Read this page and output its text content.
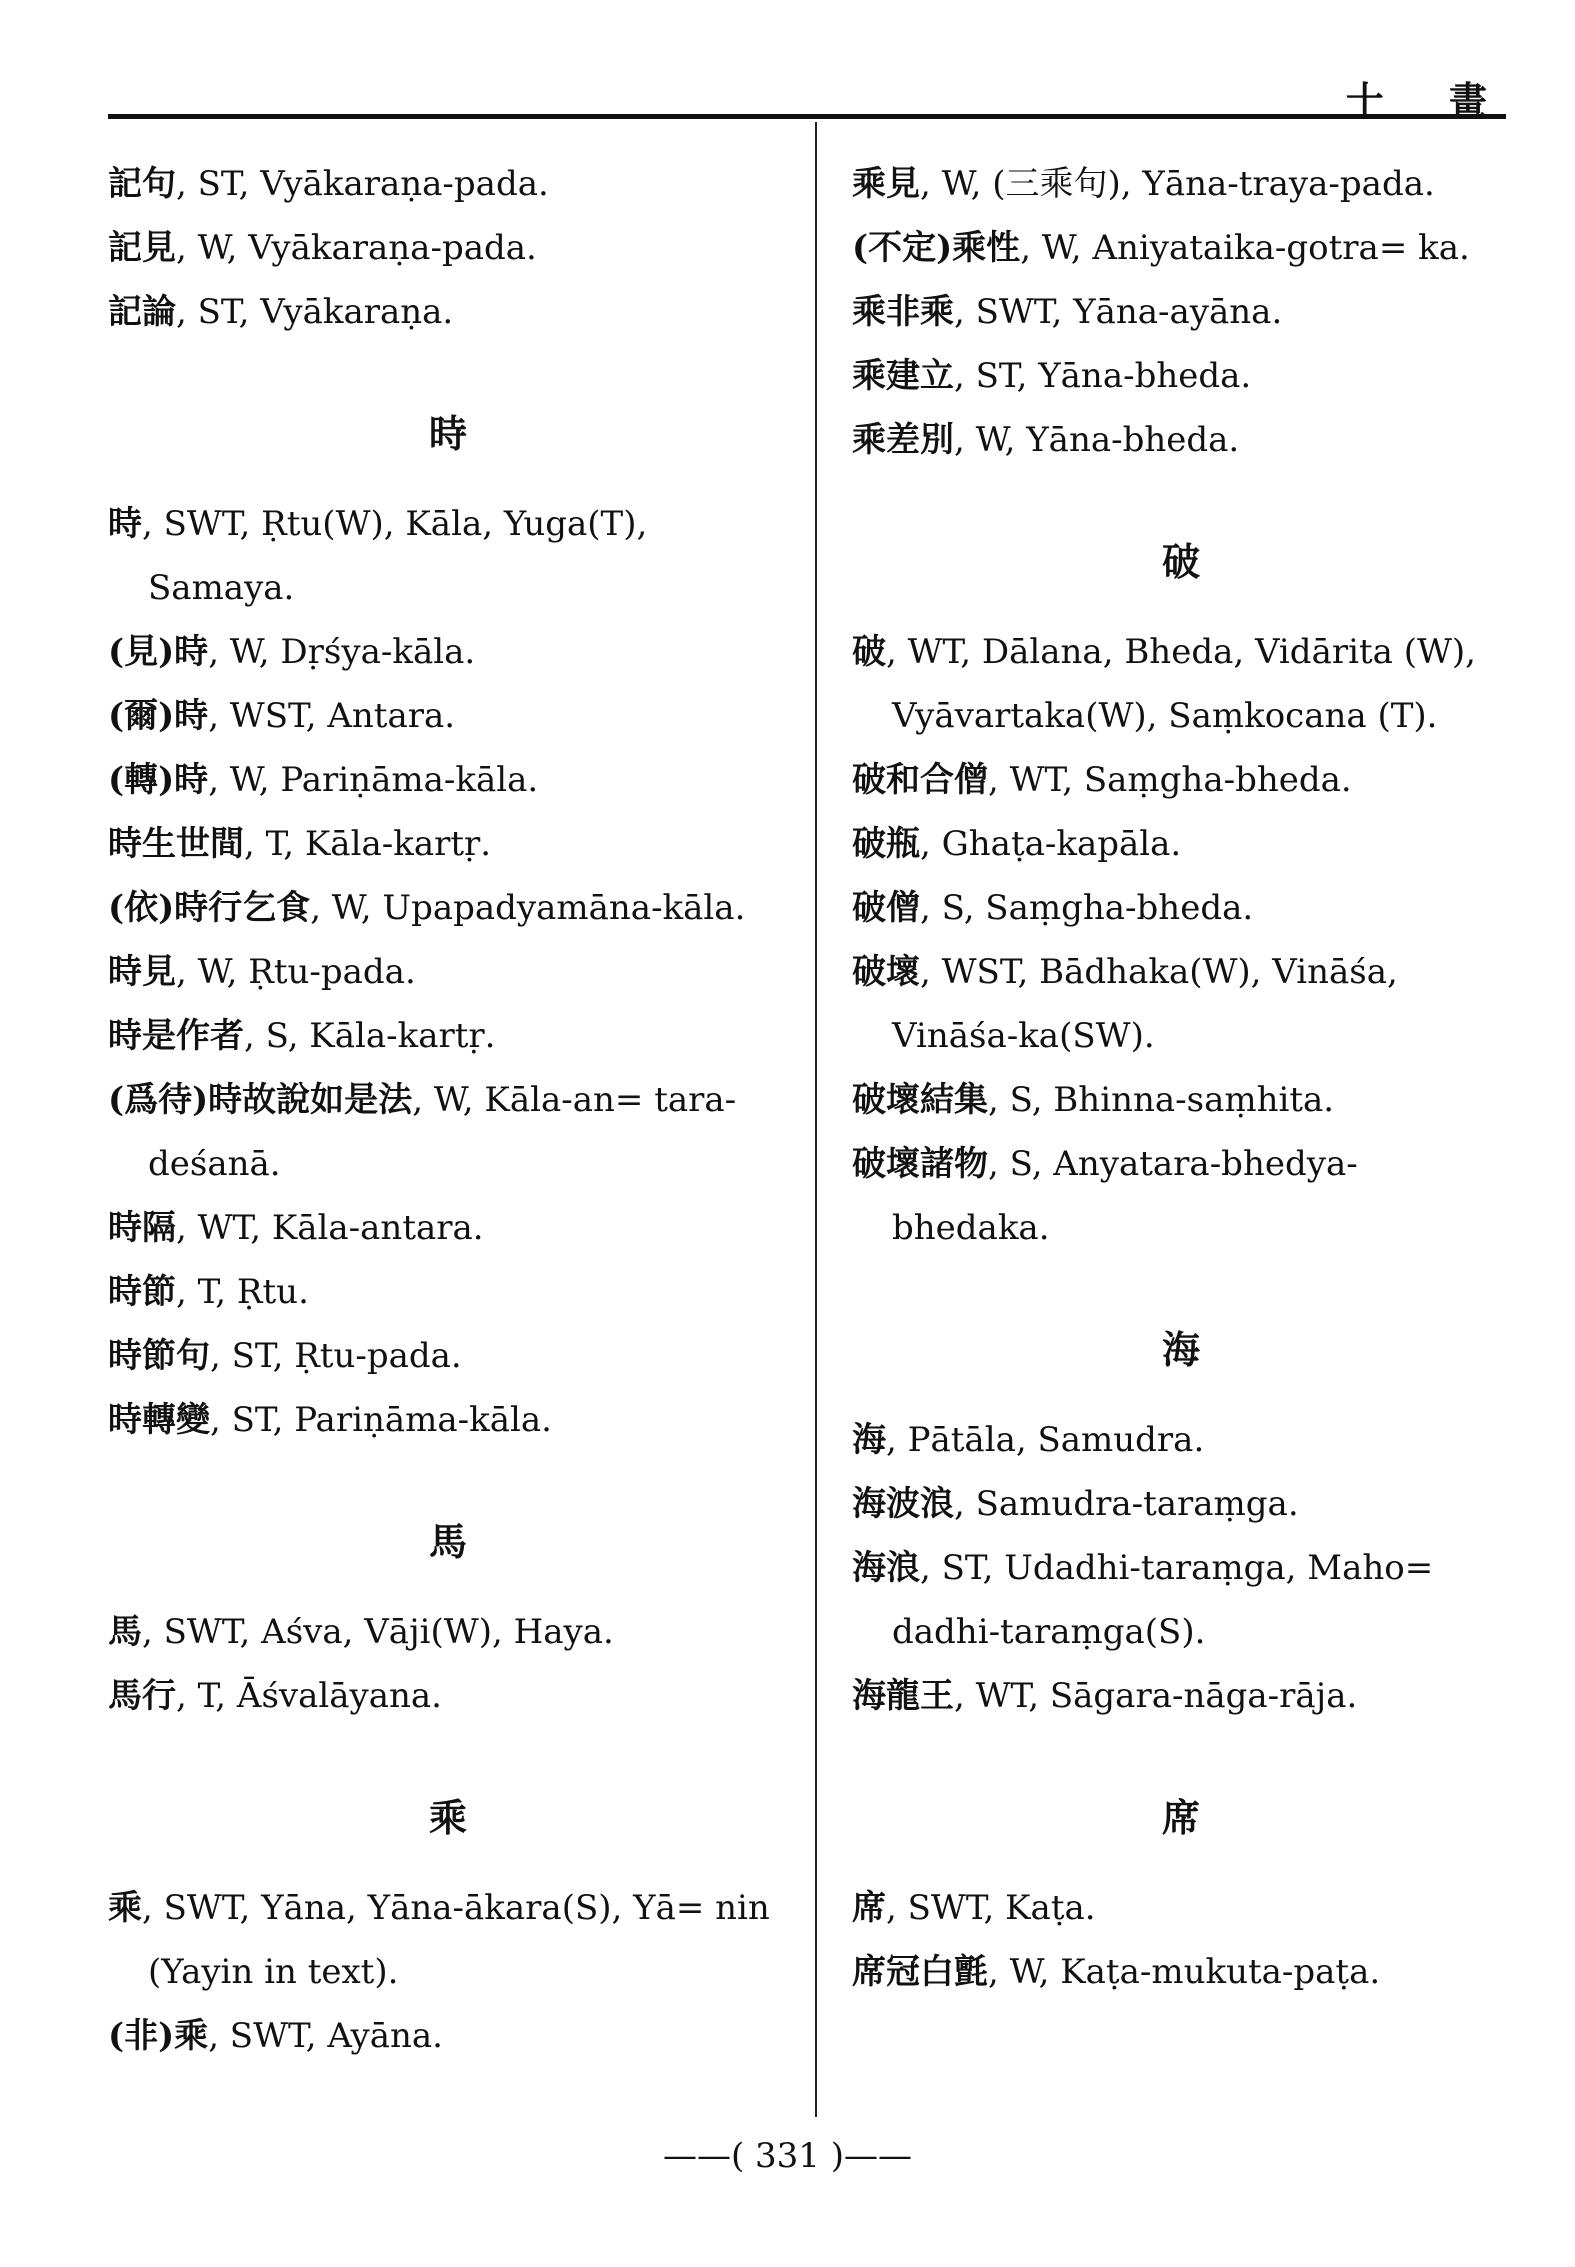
十 畫

記句, ST, Vyākaraṇa-pada.

記見, W, Vyākaraṇa-pada.

記論, ST, Vyākaraṇa.

時

時, SWT, Ṛtu(W), Kāla, Yuga(T), Samaya.

(見)時, W, Dṛśya-kāla.

(爾)時, WST, Antara.

(轉)時, W, Pariṇāma-kāla.

時生世間, T, Kāla-kartṛ.

(依)時行乞食, W, Upapadyamāna-kāla.

時見, W, Ṛtu-pada.

時是作者, S, Kāla-kartṛ.

(爲待)時故說如是法, W, Kāla-an= tara-deśanā.

時隔, WT, Kāla-antara.

時節, T, Ṛtu.

時節句, ST, Ṛtu-pada.

時轉變, ST, Pariṇāma-kāla.

馬

馬, SWT, Aśva, Vāji(W), Haya.

馬行, T, Āśvalāyana.

乘

乘, SWT, Yāna, Yāna-ākara(S), Yā= nin (Yayin in text).

(非)乘, SWT, Ayāna.

乘見, W, (三乘句), Yāna-traya-pada.

(不定)乘性, W, Aniyataika-gotra= ka.

乘非乘, SWT, Yāna-ayāna.

乘建立, ST, Yāna-bheda.

乘差別, W, Yāna-bheda.

破

破, WT, Dālana, Bheda, Vidārita (W), Vyāvartaka(W), Saṃkocana (T).

破和合僧, WT, Saṃgha-bheda.

破瓶, Ghaṭa-kapāla.

破僧, S, Saṃgha-bheda.

破壞, WST, Bādhaka(W), Vināśa, Vināśa-ka(SW).

破壞結集, S, Bhinna-saṃhita.

破壞諸物, S, Anyatara-bhedya-bhedaka.

海

海, Pātāla, Samudra.

海波浪, Samudra-taraṃga.

海浪, ST, Udadhi-taraṃga, Maho= dadhi-taraṃga(S).

海龍王, WT, Sāgara-nāga-rāja.

席

席, SWT, Kaṭa.

席冠白氈, W, Kaṭa-mukuta-paṭa.

——( 331 )——
